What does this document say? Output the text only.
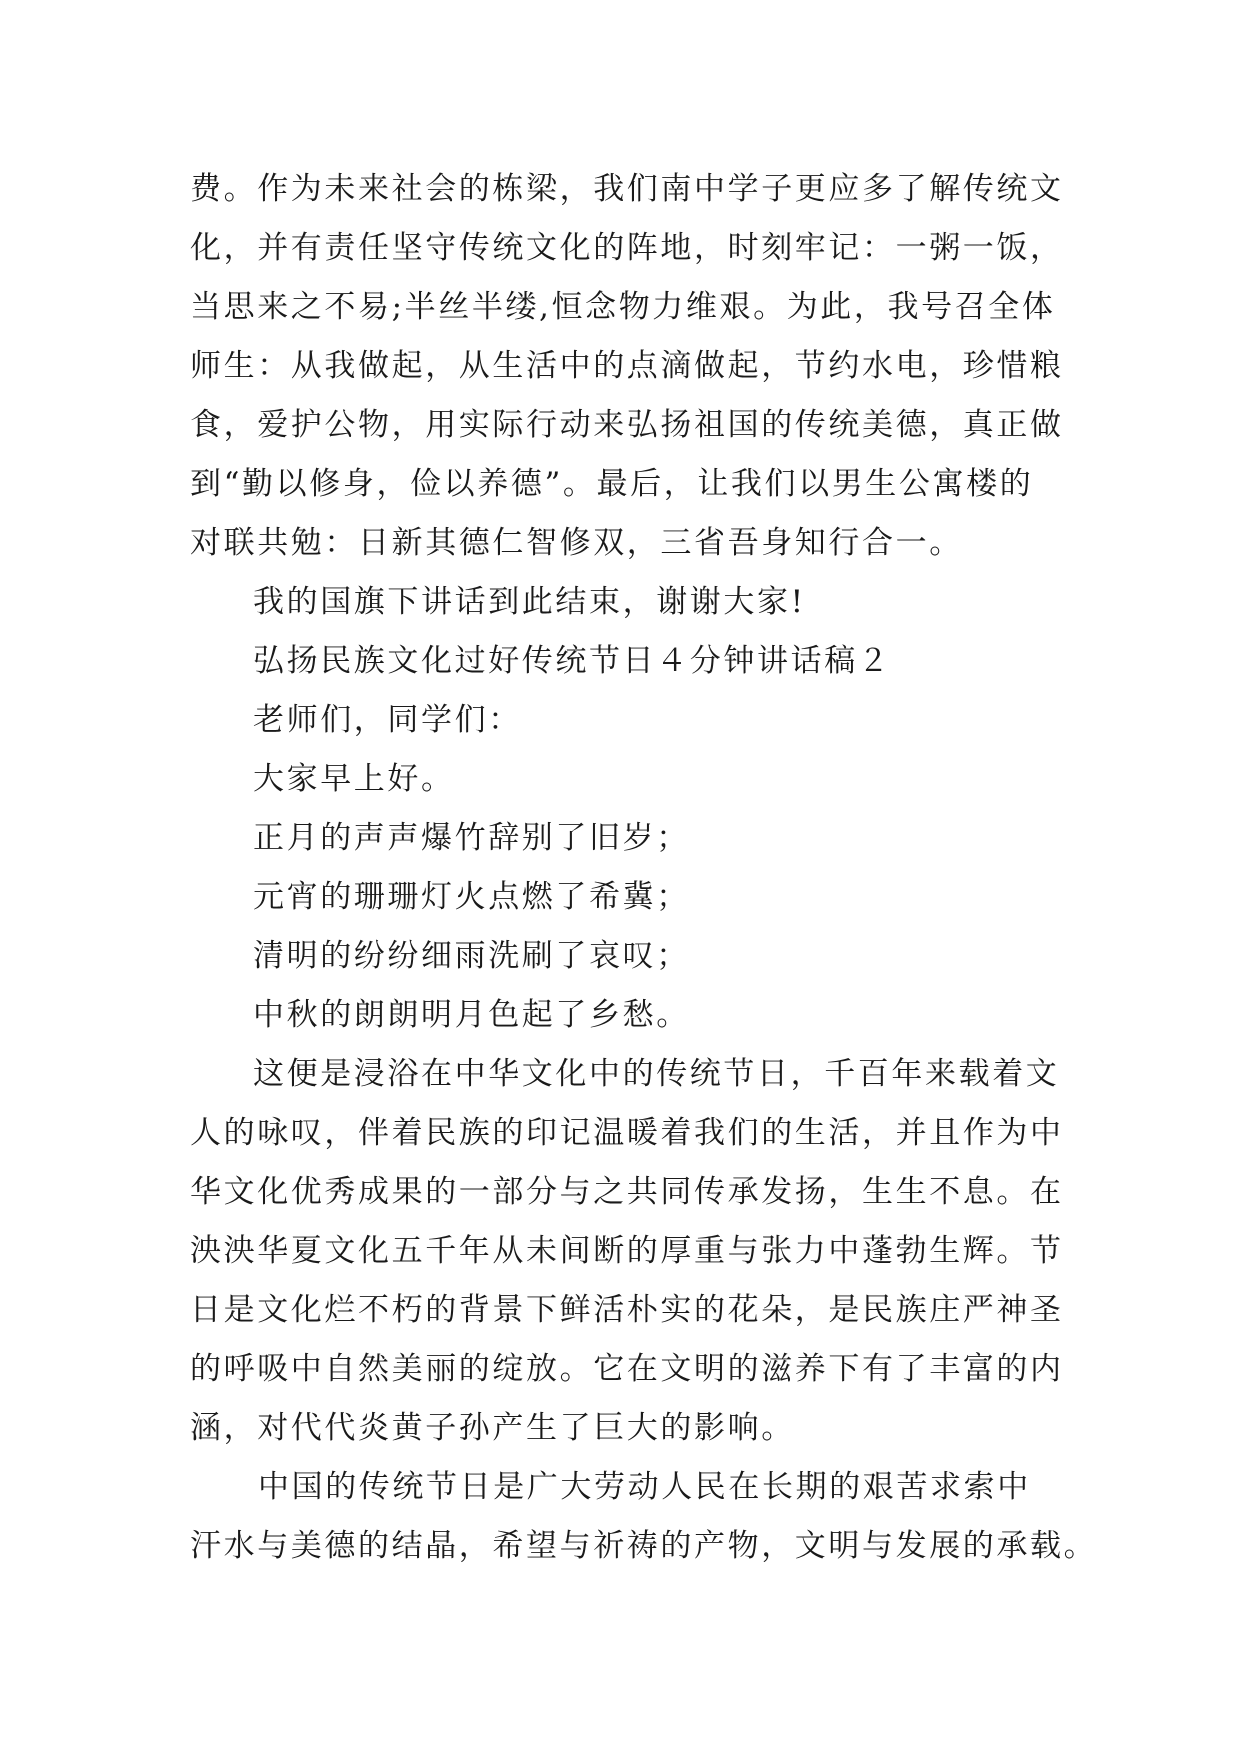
费。作为未来社会的栋梁，我们南中学子更应多了解传统文
化，并有责任坚守传统文化的阵地，时刻牢记：一粥一饭，
当思来之不易;半丝半缕,恒念物力维艰。为此，我号召全体
师生：从我做起，从生活中的点滴做起，节约水电，珍惜粮
食，爱护公物，用实际行动来弘扬祖国的传统美德，真正做
到“勤以修身，俭以养德”。最后，让我们以男生公寓楼的
对联共勉：日新其德仁智修双，三省吾身知行合一。
我的国旗下讲话到此结束，谢谢大家!
弘扬民族文化过好传统节日４分钟讲话稿２
老师们，同学们：
大家早上好。
正月的声声爆竹辞别了旧岁；
元宵的珊珊灯火点燃了希冀；
清明的纷纷细雨洗刷了哀叹；
中秋的朗朗明月色起了乡愁。
这便是浸浴在中华文化中的传统节日，千百年来载着文
人的咏叹，伴着民族的印记温暖着我们的生活，并且作为中
华文化优秀成果的一部分与之共同传承发扬，生生不息。在
泱泱华夏文化五千年从未间断的厚重与张力中蓬勃生辉。节
日是文化烂不朽的背景下鲜活朴实的花朵，是民族庄严神圣
的呼吸中自然美丽的绽放。它在文明的滋养下有了丰富的内
涵，对代代炎黄子孙产生了巨大的影响。
中国的传统节日是广大劳动人民在长期的艰苦求索中
汗水与美德的结晶，希望与祈祷的产物，文明与发展的承载。
